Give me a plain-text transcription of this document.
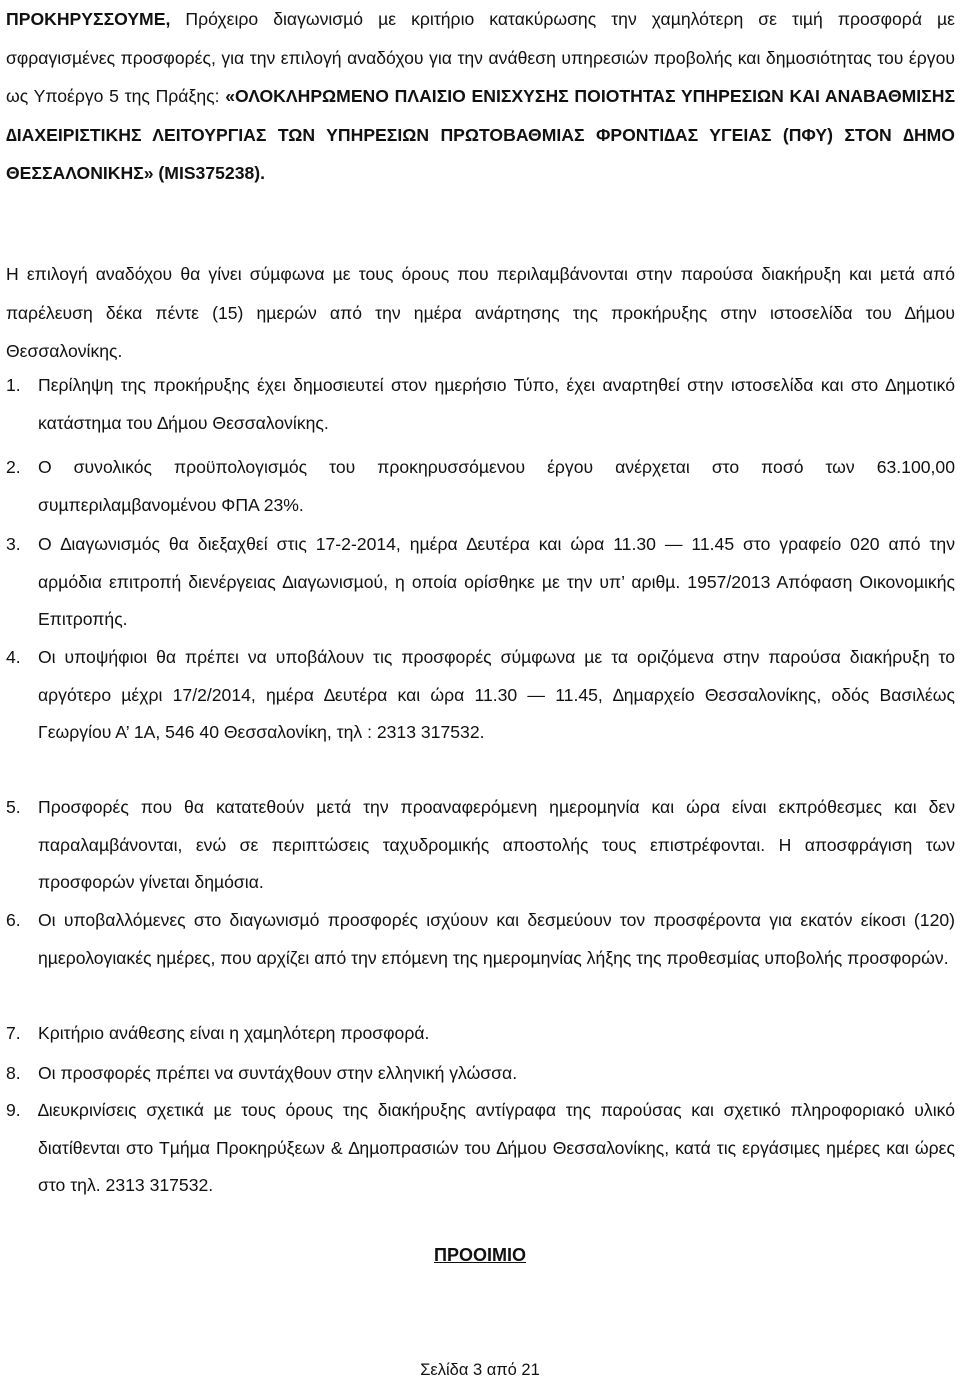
ΠΡΟΚΗΡΥΣΣΟΥΜΕ, Πρόχειρο διαγωνισµό µε κριτήριο κατακύρωσης την χαµηλότερη σε τιµή προσφορά µε σφραγισµένες προσφορές, για την επιλογή αναδόχου για την ανάθεση υπηρεσιών προβολής και δηµοσιότητας του έργου ως Υποέργο 5 της Πράξης: «ΟΛΟΚΛΗΡΩΜΕΝΟ ΠΛΑΙΣΙΟ ΕΝΙΣΧΥΣΗΣ ΠΟΙΟΤΗΤΑΣ ΥΠΗΡΕΣΙΩΝ ΚΑΙ ΑΝΑΒΑΘΜΙΣΗΣ ∆ΙΑΧΕΙΡΙΣΤΙΚΗΣ ΛΕΙΤΟΥΡΓΙΑΣ ΤΩΝ ΥΠΗΡΕΣΙΩΝ ΠΡΩΤΟΒΑΘΜΙΑΣ ΦΡΟΝΤΙ∆ΑΣ ΥΓΕΙΑΣ (ΠΦΥ) ΣΤΟΝ ∆ΗΜΟ ΘΕΣΣΑΛΟΝΙΚΗΣ» (MIS375238).

Η επιλογή αναδόχου θα γίνει σύµφωνα µε τους όρους που περιλαµβάνονται στην παρούσα διακήρυξη και µετά από παρέλευση δέκα πέντε (15) ηµερών από την ηµέρα ανάρτησης της προκήρυξης στην ιστοσελίδα του ∆ήµου Θεσσαλονίκης.

1. Περίληψη της προκήρυξης έχει δηµοσιευτεί στον ηµερήσιο Τύπο, έχει αναρτηθεί στην ιστοσελίδα και στο ∆ηµοτικό κατάστηµα του ∆ήµου Θεσσαλονίκης.
2. Ο συνολικός προϋπολογισµός του προκηρυσσόµενου έργου ανέρχεται στο ποσό των 63.100,00 συµπεριλαµβανοµένου ΦΠΑ 23%.
3. Ο ∆ιαγωνισµός θα διεξαχθεί στις 17-2-2014, ηµέρα ∆ευτέρα και ώρα 11.30 — 11.45 στο γραφείο 020 από την αρµόδια επιτροπή διενέργειας ∆ιαγωνισµού, η οποία ορίσθηκε µε την υπ’ αριθµ. 1957/2013 Απόφαση Οικονοµικής Επιτροπής.
4. Οι υποψήφιοι θα πρέπει να υποβάλουν τις προσφορές σύµφωνα µε τα οριζόµενα στην παρούσα διακήρυξη το αργότερο µέχρι 17/2/2014, ηµέρα ∆ευτέρα και ώρα 11.30 — 11.45, ∆ηµαρχείο Θεσσαλονίκης, οδός Βασιλέως Γεωργίου Α’ 1Α, 546 40 Θεσσαλονίκη, τηλ : 2313 317532.
5. Προσφορές που θα κατατεθούν µετά την προαναφερόµενη ηµεροµηνία και ώρα είναι εκπρόθεσµες και δεν παραλαµβάνονται, ενώ σε περιπτώσεις ταχυδροµικής αποστολής τους επιστρέφονται. Η αποσφράγιση των προσφορών γίνεται δηµόσια.
6. Οι υποβαλλόµενες στο διαγωνισµό προσφορές ισχύουν και δεσµεύουν τον προσφέροντα για εκατόν είκοσι (120) ηµερολογιακές ηµέρες, που αρχίζει από την επόµενη της ηµεροµηνίας λήξης της προθεσµίας υποβολής προσφορών.
7. Κριτήριο ανάθεσης είναι η χαµηλότερη προσφορά.
8. Οι προσφορές πρέπει να συντάχθουν στην ελληνική γλώσσα.
9. ∆ιευκρινίσεις σχετικά µε τους όρους της διακήρυξης αντίγραφα της παρούσας και σχετικό πληροφοριακό υλικό διατίθενται στο Τµήµα Προκηρύξεων & ∆ηµοπρασιών του ∆ήµου Θεσσαλονίκης, κατά τις εργάσιµες ηµέρες και ώρες στο τηλ. 2313 317532.
ΠΡΟΟΙΜΙΟ
Σελίδα 3 από 21
